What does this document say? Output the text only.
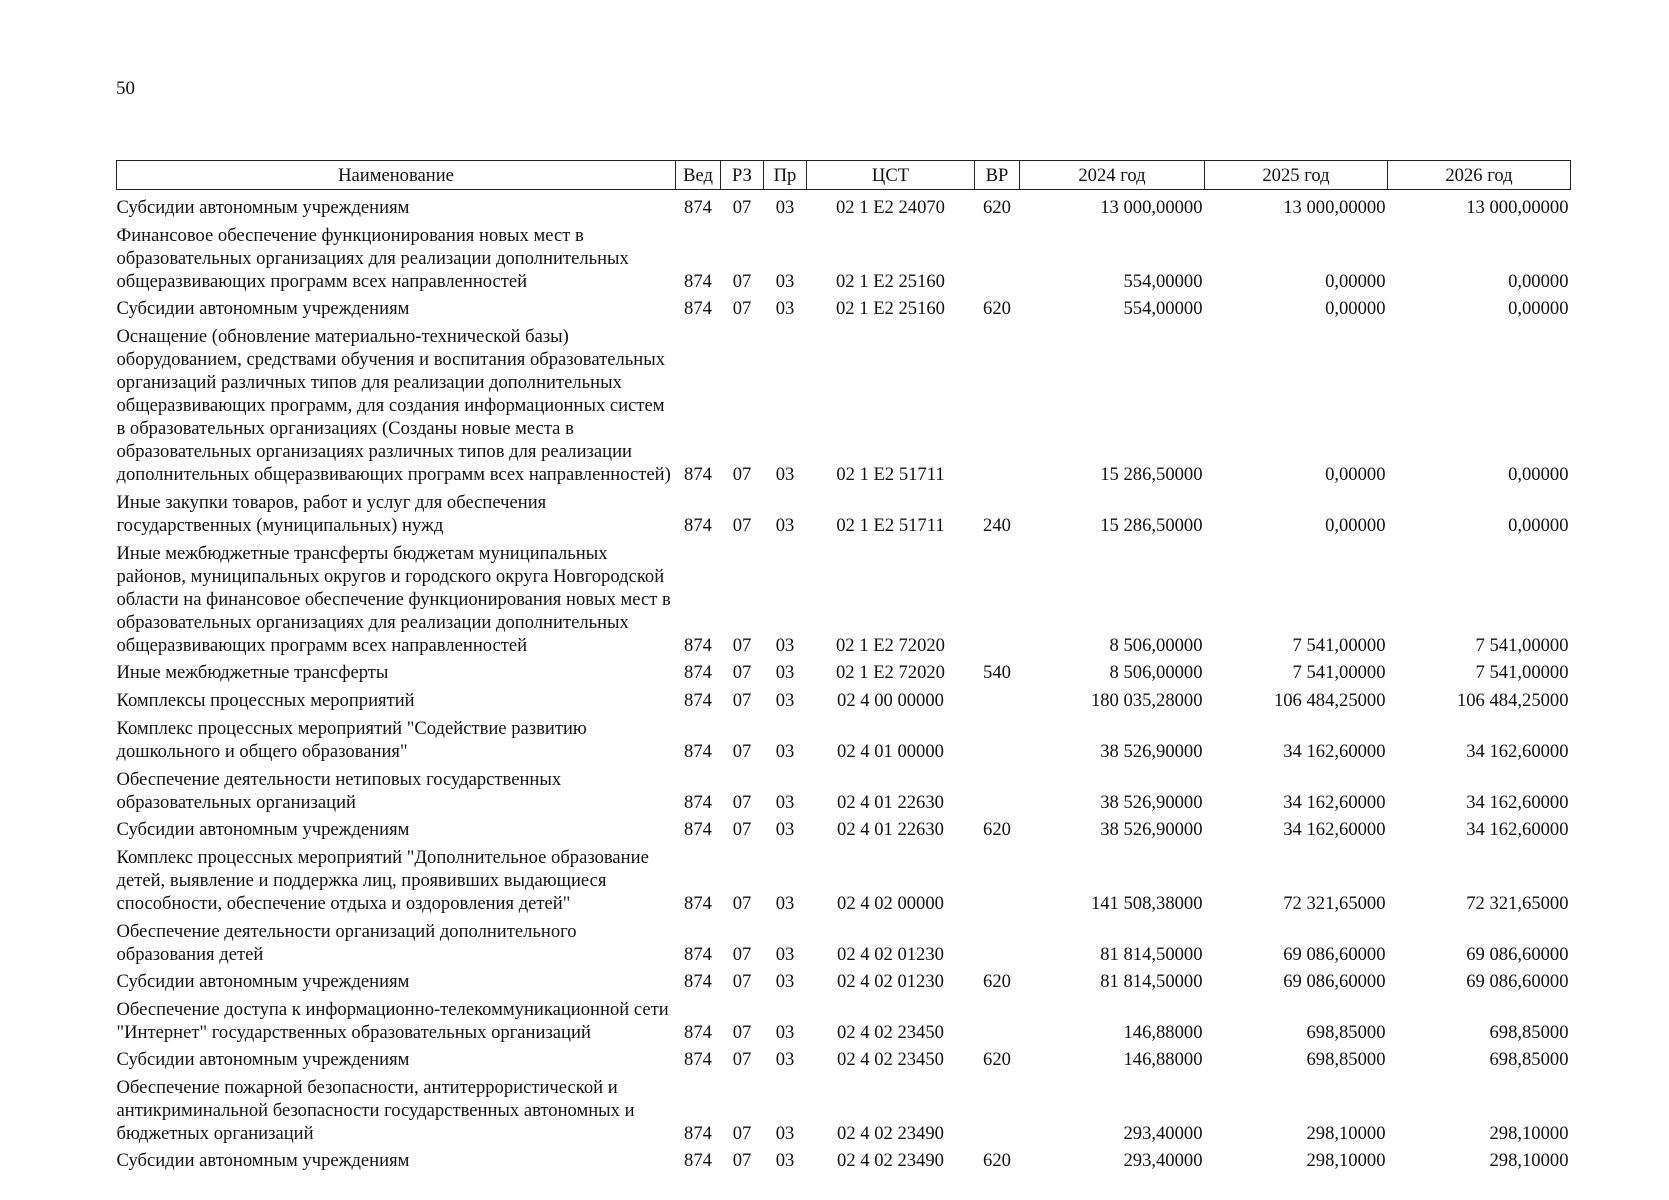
50
Наименование	Вед	РЗ	Пр	ЦСТ	ВР	2024 год	2025 год	2026 год

Субсидии автономным учреждениям	874	07	03	02 1 E2 24070	620	13 000,00000	13 000,00000	13 000,00000

Финансовое обеспечение функционирования новых мест в образовательных организациях для реализации дополнительных общеразвивающих программ всех направленностей	874	07	03	02 1 E2 25160		554,00000	0,00000	0,00000

Субсидии автономным учреждениям	874	07	03	02 1 E2 25160	620	554,00000	0,00000	0,00000

Оснащение (обновление материально-технической базы) оборудованием, средствами обучения и воспитания образовательных организаций различных типов для реализации дополнительных общеразвивающих программ, для создания информационных систем в образовательных организациях (Созданы новые места в образовательных организациях различных типов для реализации дополнительных общеразвивающих программ всех направленностей)	874	07	03	02 1 E2 51711		15 286,50000	0,00000	0,00000

Иные закупки товаров, работ и услуг для обеспечения государственных (муниципальных) нужд	874	07	03	02 1 E2 51711	240	15 286,50000	0,00000	0,00000

Иные межбюджетные трансферты бюджетам муниципальных районов, муниципальных округов и городского округа Новгородской области на финансовое обеспечение функционирования новых мест в образовательных организациях для реализации дополнительных общеразвивающих программ всех направленностей	874	07	03	02 1 E2 72020		8 506,00000	7 541,00000	7 541,00000

Иные межбюджетные трансферты	874	07	03	02 1 E2 72020	540	8 506,00000	7 541,00000	7 541,00000

Комплексы процессных мероприятий	874	07	03	02 4 00 00000		180 035,28000	106 484,25000	106 484,25000

Комплекс процессных мероприятий "Содействие развитию дошкольного и общего образования"	874	07	03	02 4 01 00000		38 526,90000	34 162,60000	34 162,60000

Обеспечение деятельности нетиповых государственных образовательных организаций	874	07	03	02 4 01 22630		38 526,90000	34 162,60000	34 162,60000

Субсидии автономным учреждениям	874	07	03	02 4 01 22630	620	38 526,90000	34 162,60000	34 162,60000

Комплекс процессных мероприятий "Дополнительное образование детей, выявление и поддержка лиц, проявивших выдающиеся способности, обеспечение отдыха и оздоровления детей"	874	07	03	02 4 02 00000		141 508,38000	72 321,65000	72 321,65000

Обеспечение деятельности организаций дополнительного образования детей	874	07	03	02 4 02 01230		81 814,50000	69 086,60000	69 086,60000

Субсидии автономным учреждениям	874	07	03	02 4 02 01230	620	81 814,50000	69 086,60000	69 086,60000

Обеспечение доступа к информационно-телекоммуникационной сети "Интернет" государственных образовательных организаций	874	07	03	02 4 02 23450		146,88000	698,85000	698,85000

Субсидии автономным учреждениям	874	07	03	02 4 02 23450	620	146,88000	698,85000	698,85000

Обеспечение пожарной безопасности, антитеррористической и антикриминальной безопасности государственных автономных и бюджетных организаций	874	07	03	02 4 02 23490		293,40000	298,10000	298,10000

Субсидии автономным учреждениям	874	07	03	02 4 02 23490	620	293,40000	298,10000	298,10000
